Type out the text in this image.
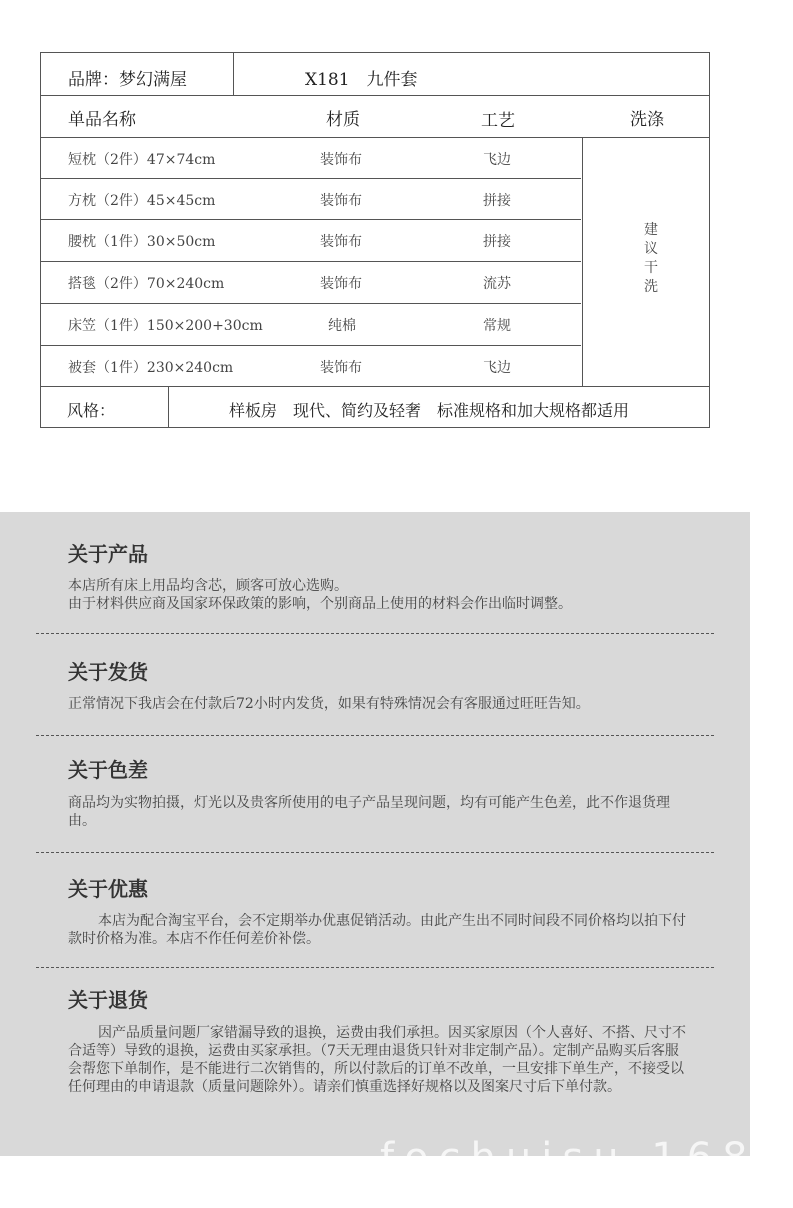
品牌：梦幻满屋	X181　九件套
单品名称	材质	工艺	洗涤
短枕（2件）47×74cm	装饰布	飞边
方枕（2件）45×45cm	装饰布	拼接
腰枕（1件）30×50cm	装饰布	拼接
搭毯（2件）70×240cm	装饰布	流苏
床笠（1件）150×200+30cm	纯棉	常规
被套（1件）230×240cm	装饰布	飞边
建议干洗
风格：	样板房　现代、简约及轻奢　标准规格和加大规格都适用
关于产品

本店所有床上用品均含芯，顾客可放心选购。

由于材料供应商及国家环保政策的影响，个别商品上使用的材料会作出临时调整。

关于发货

正常情况下我店会在付款后72小时内发货，如果有特殊情况会有客服通过旺旺告知。

关于色差

商品均为实物拍摄，灯光以及贵客所使用的电子产品呈现问题，均有可能产生色差，此不作退货理由。

关于优惠

本店为配合淘宝平台，会不定期举办优惠促销活动。由此产生出不同时间段不同价格均以拍下付款时价格为准。本店不作任何差价补偿。

关于退货

因产品质量问题厂家错漏导致的退换，运费由我们承担。因买家原因（个人喜好、不搭、尺寸不合适等）导致的退换，运费由买家承担。（7天无理由退货只针对非定制产品）。定制产品购买后客服会帮您下单制作，是不能进行二次销售的，所以付款后的订单不改单，一旦安排下单生产，不接受以任何理由的申请退款（质量问题除外）。请亲们慎重选择好规格以及图案尺寸后下单付款。

fochuisu 1688
